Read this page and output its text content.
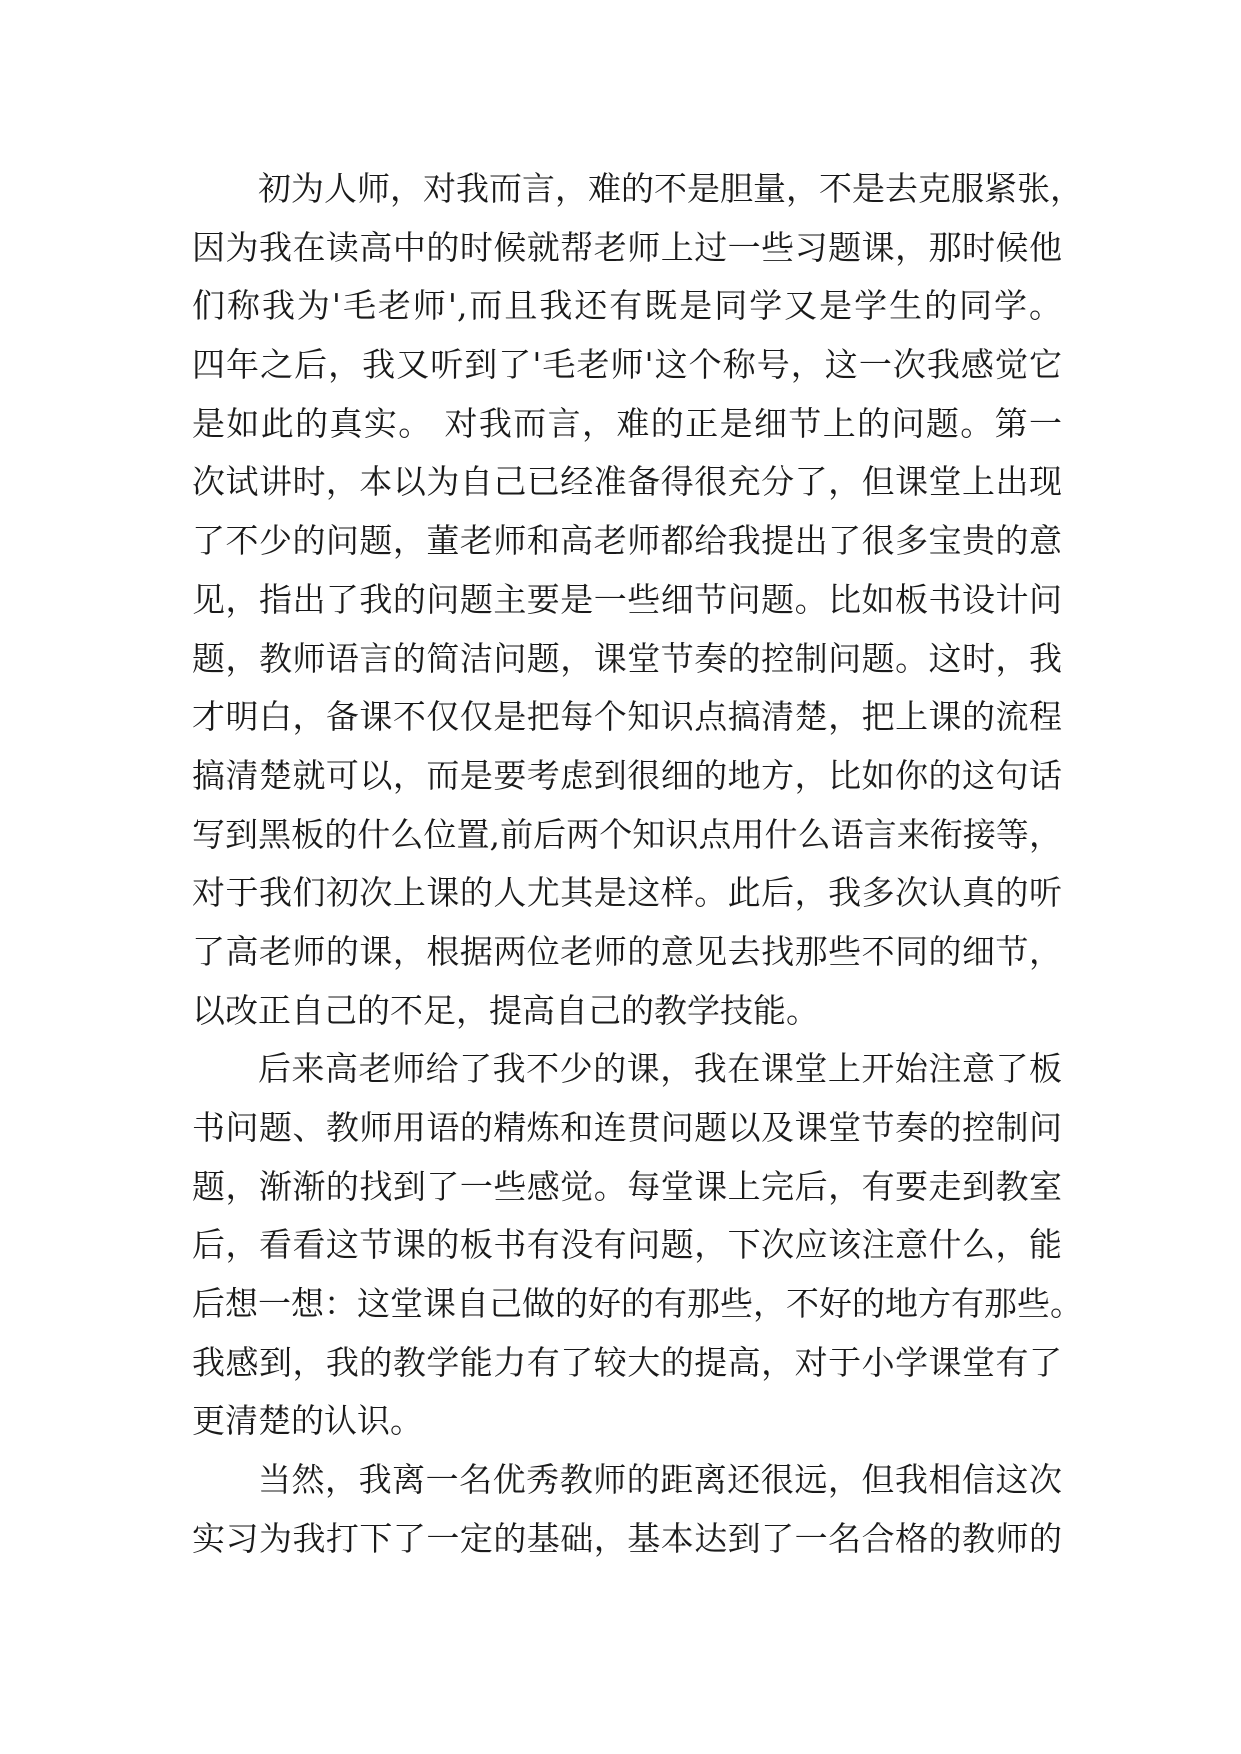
初为人师，对我而言，难的不是胆量，不是去克服紧张，
因为我在读高中的时候就帮老师上过一些习题课，那时候他
们称我为'毛老师',而且我还有既是同学又是学生的同学。
四年之后，我又听到了'毛老师'这个称号，这一次我感觉它
是如此的真实。 对我而言，难的正是细节上的问题。第一
次试讲时，本以为自己已经准备得很充分了，但课堂上出现
了不少的问题，董老师和高老师都给我提出了很多宝贵的意
见，指出了我的问题主要是一些细节问题。比如板书设计问
题，教师语言的简洁问题，课堂节奏的控制问题。这时，我
才明白，备课不仅仅是把每个知识点搞清楚，把上课的流程
搞清楚就可以，而是要考虑到很细的地方，比如你的这句话
写到黑板的什么位置,前后两个知识点用什么语言来衔接等，
对于我们初次上课的人尤其是这样。此后，我多次认真的听
了高老师的课，根据两位老师的意见去找那些不同的细节，
以改正自己的不足，提高自己的教学技能。
后来高老师给了我不少的课，我在课堂上开始注意了板
书问题、教师用语的精炼和连贯问题以及课堂节奏的控制问
题，渐渐的找到了一些感觉。每堂课上完后，有要走到教室
后，看看这节课的板书有没有问题，下次应该注意什么，能
后想一想：这堂课自己做的好的有那些，不好的地方有那些。
我感到，我的教学能力有了较大的提高，对于小学课堂有了
更清楚的认识。
当然，我离一名优秀教师的距离还很远，但我相信这次
实习为我打下了一定的基础，基本达到了一名合格的教师的
